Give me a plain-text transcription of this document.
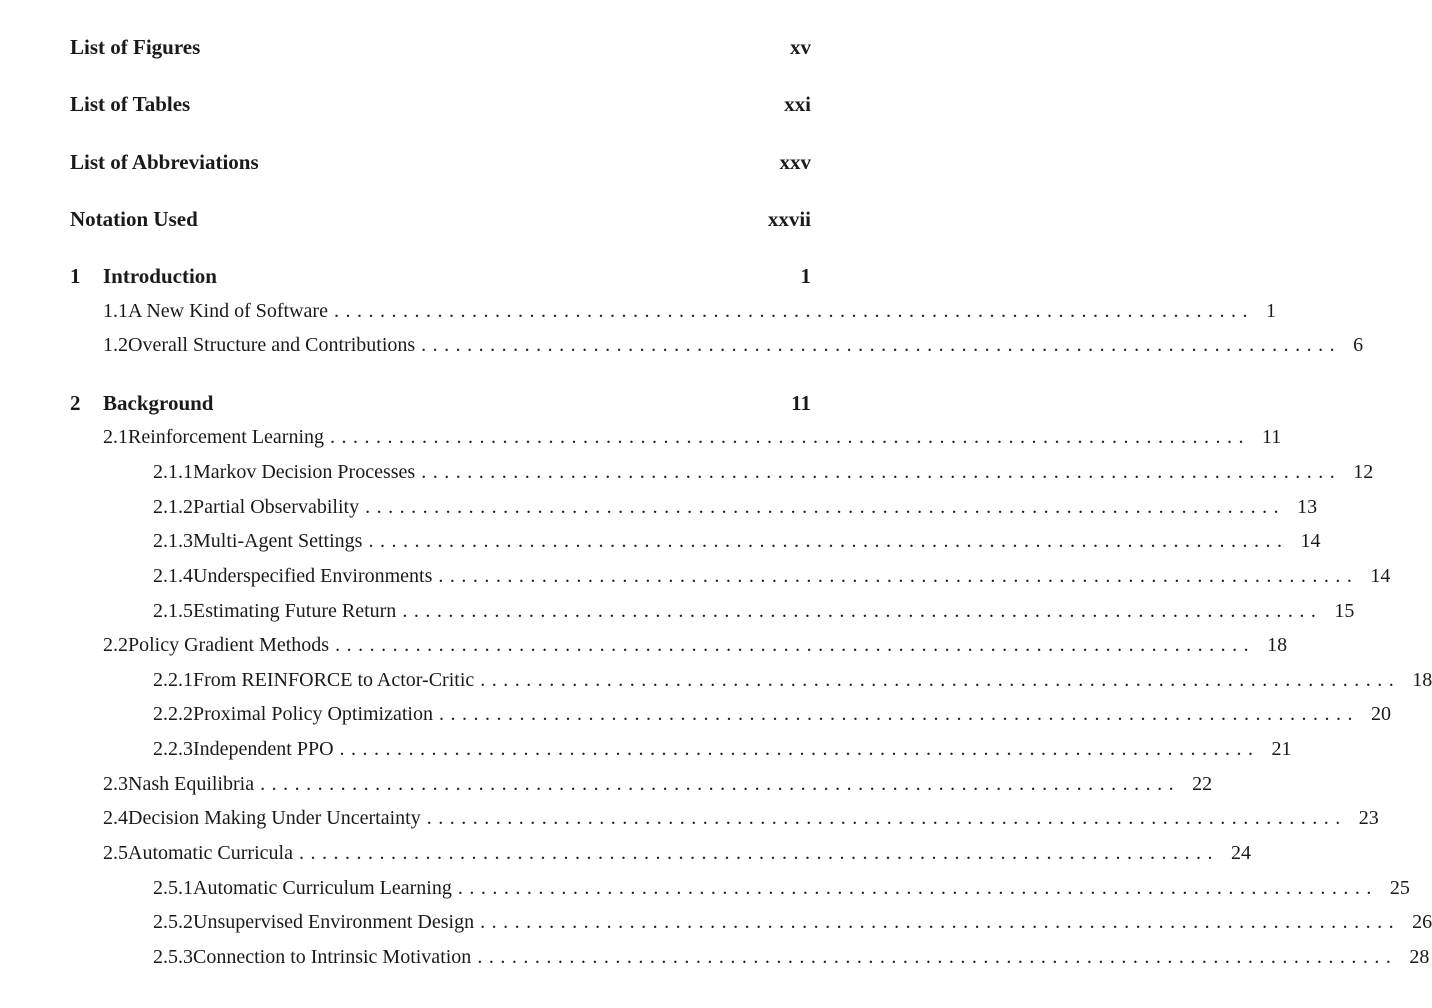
List of Figures	xv
List of Tables	xxi
List of Abbreviations	xxv
Notation Used	xxvii
1	Introduction	1
1.1 A New Kind of Software ................................................................................ 1
1.2 Overall Structure and Contributions ................................................................................ 6
2	Background	11
2.1 Reinforcement Learning ................................................................................ 11
2.1.1 Markov Decision Processes ................................................................................ 12
2.1.2 Partial Observability ................................................................................ 13
2.1.3 Multi-Agent Settings ................................................................................ 14
2.1.4 Underspecified Environments ................................................................................ 14
2.1.5 Estimating Future Return ................................................................................ 15
2.2 Policy Gradient Methods ................................................................................ 18
2.2.1 From REINFORCE to Actor-Critic ................................................................................ 18
2.2.2 Proximal Policy Optimization ................................................................................ 20
2.2.3 Independent PPO ................................................................................ 21
2.3 Nash Equilibria ................................................................................ 22
2.4 Decision Making Under Uncertainty ................................................................................ 23
2.5 Automatic Curricula ................................................................................ 24
2.5.1 Automatic Curriculum Learning ................................................................................ 25
2.5.2 Unsupervised Environment Design ................................................................................ 26
2.5.3 Connection to Intrinsic Motivation ................................................................................ 28
